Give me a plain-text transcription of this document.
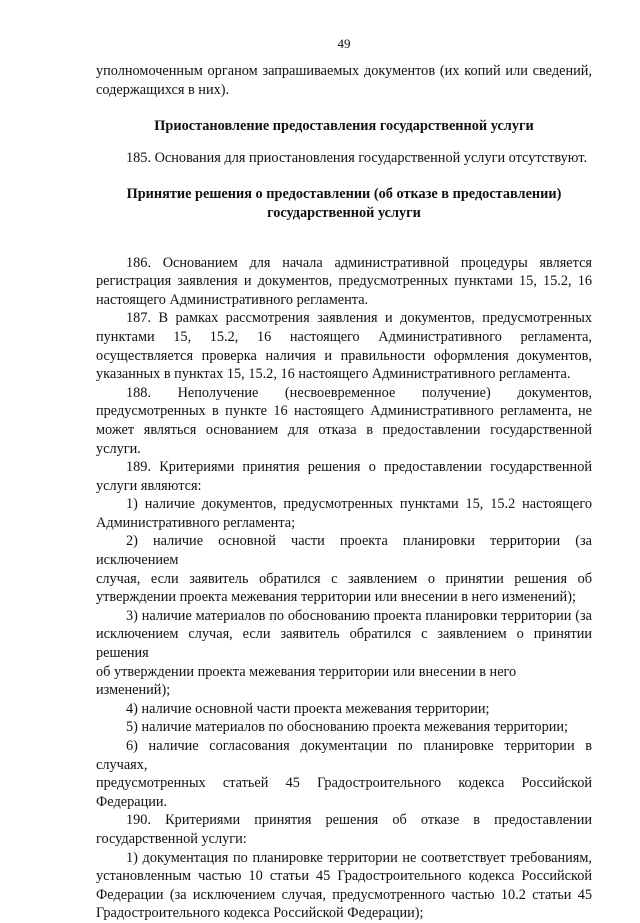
49

уполномоченным органом запрашиваемых документов (их копий или сведений,

содержащихся в них).

Приостановление предоставления государственной услуги

185. Основания для приостановления государственной услуги отсутствуют.

Принятие решения о предоставлении (об отказе в предоставлении)

государственной услуги

186. Основанием для начала административной процедуры является

регистрация заявления и документов, предусмотренных пунктами 15, 15.2, 16

настоящего Административного регламента.

187. В рамках рассмотрения заявления и документов, предусмотренных

пунктами 15, 15.2, 16 настоящего Административного регламента,

осуществляется проверка наличия и правильности оформления документов,

указанных в пунктах 15, 15.2, 16 настоящего Административного регламента.

188. Неполучение (несвоевременное получение) документов,

предусмотренных в пункте 16 настоящего Административного регламента, не

может являться основанием для отказа в предоставлении государственной

услуги.

189. Критериями принятия решения о предоставлении государственной

услуги являются:

1) наличие документов, предусмотренных пунктами 15, 15.2 настоящего

Административного регламента;

2) наличие основной части проекта планировки территории (за исключением

случая, если заявитель обратился с заявлением о принятии решения об

утверждении проекта межевания территории или внесении в него изменений);

3) наличие материалов по обоснованию проекта планировки территории (за

исключением случая, если заявитель обратился с заявлением о принятии решения

об утверждении проекта межевания территории или внесении в него изменений);

4) наличие основной части проекта межевания территории;

5) наличие материалов по обоснованию проекта межевания территории;

6) наличие согласования документации по планировке территории в случаях,

предусмотренных статьей 45 Градостроительного кодекса Российской

Федерации.

190. Критериями принятия решения об отказе в предоставлении

государственной услуги:

1) документация по планировке территории не соответствует требованиям,

установленным частью 10 статьи 45 Градостроительного кодекса Российской

Федерации (за исключением случая, предусмотренного частью 10.2 статьи 45

Градостроительного кодекса Российской Федерации);
